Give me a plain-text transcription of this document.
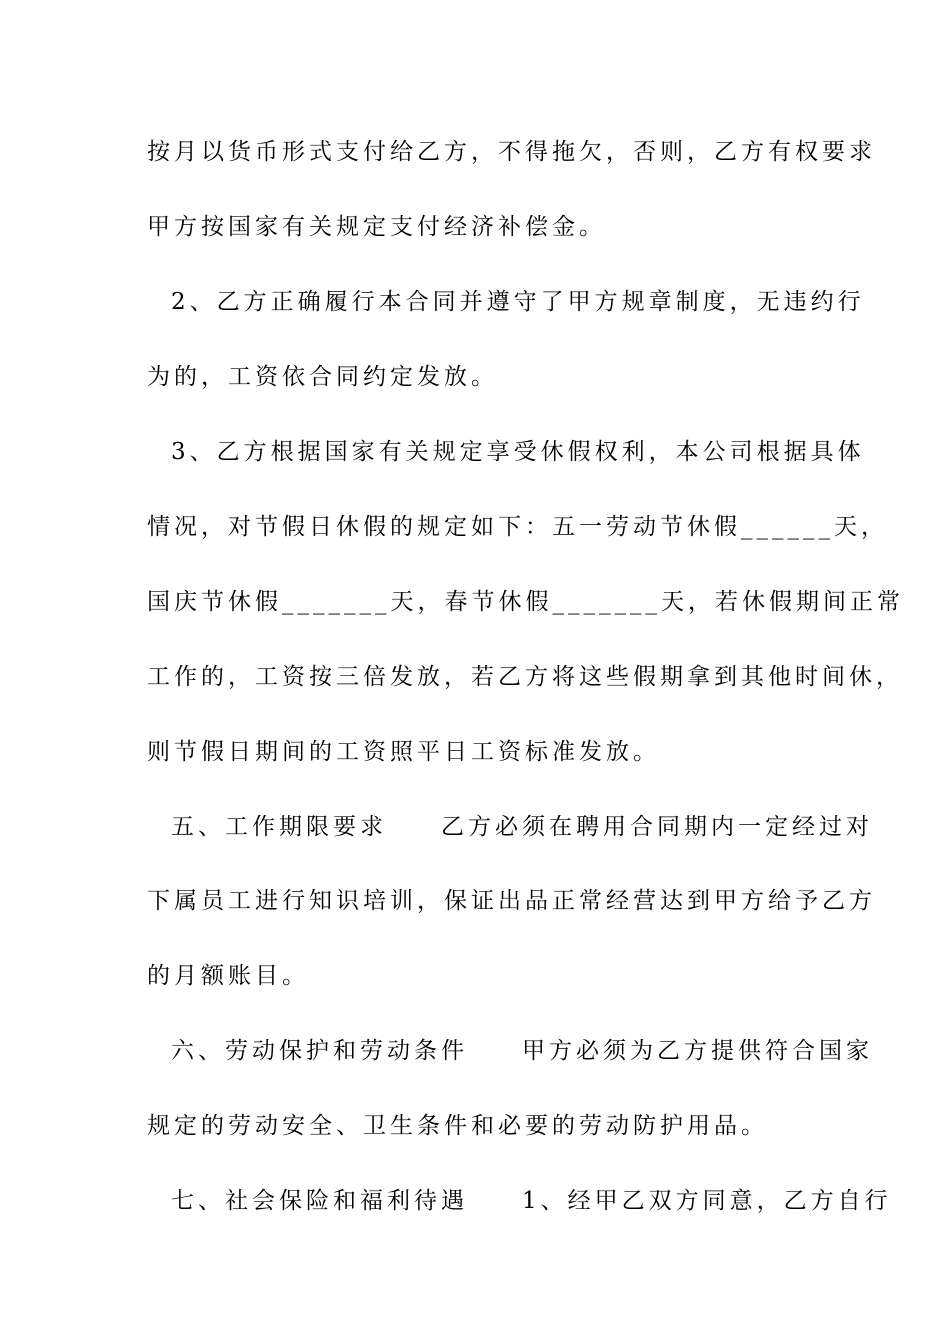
按月以货币形式支付给乙方，不得拖欠，否则，乙方有权要求
甲方按国家有关规定支付经济补偿金。
2、乙方正确履行本合同并遵守了甲方规章制度，无违约行
为的，工资依合同约定发放。
3、乙方根据国家有关规定享受休假权利，本公司根据具体
情况，对节假日休假的规定如下：五一劳动节休假______天，
国庆节休假_______天，春节休假_______天，若休假期间正常
工作的，工资按三倍发放，若乙方将这些假期拿到其他时间休，
则节假日期间的工资照平日工资标准发放。
五、工作期限要求　　乙方必须在聘用合同期内一定经过对
下属员工进行知识培训，保证出品正常经营达到甲方给予乙方
的月额账目。
六、劳动保护和劳动条件　　甲方必须为乙方提供符合国家
规定的劳动安全、卫生条件和必要的劳动防护用品。
七、社会保险和福利待遇　　1、经甲乙双方同意，乙方自行
